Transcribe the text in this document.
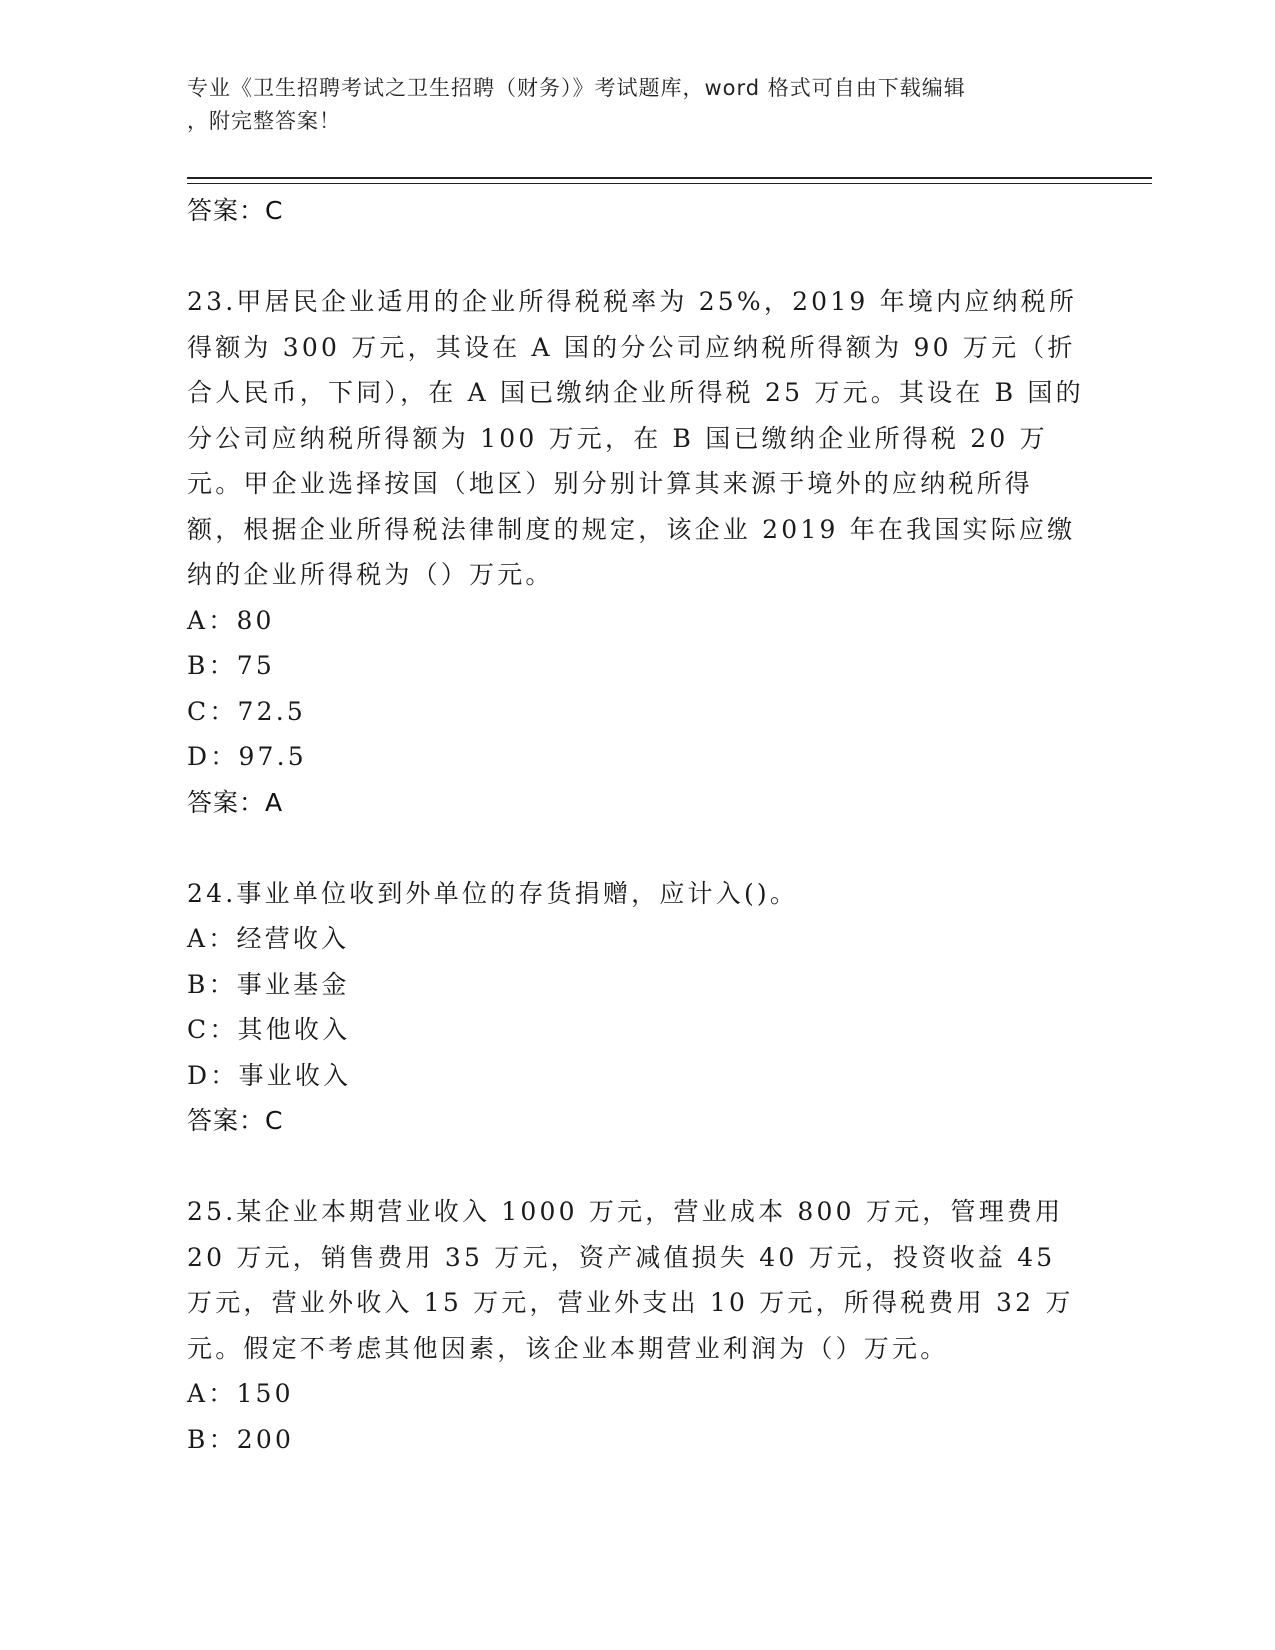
专业《卫生招聘考试之卫生招聘（财务）》考试题库，word 格式可自由下载编辑
，附完整答案！
答案：C
23.甲居民企业适用的企业所得税税率为 25%，2019 年境内应纳税所得额为 300 万元，其设在 A 国的分公司应纳税所得额为 90 万元（折合人民币，下同），在 A 国已缴纳企业所得税 25 万元。其设在 B 国的分公司应纳税所得额为 100 万元，在 B 国已缴纳企业所得税 20 万元。甲企业选择按国（地区）别分别计算其来源于境外的应纳税所得额，根据企业所得税法律制度的规定，该企业 2019 年在我国实际应缴纳的企业所得税为（）万元。
A：80
B：75
C：72.5
D：97.5
答案：A
24.事业单位收到外单位的存货捐赠，应计入()。
A：经营收入
B：事业基金
C：其他收入
D：事业收入
答案：C
25.某企业本期营业收入 1000 万元，营业成本 800 万元，管理费用 20 万元，销售费用 35 万元，资产减值损失 40 万元，投资收益 45 万元，营业外收入 15 万元，营业外支出 10 万元，所得税费用 32 万元。假定不考虑其他因素，该企业本期营业利润为（）万元。
A：150
B：200
